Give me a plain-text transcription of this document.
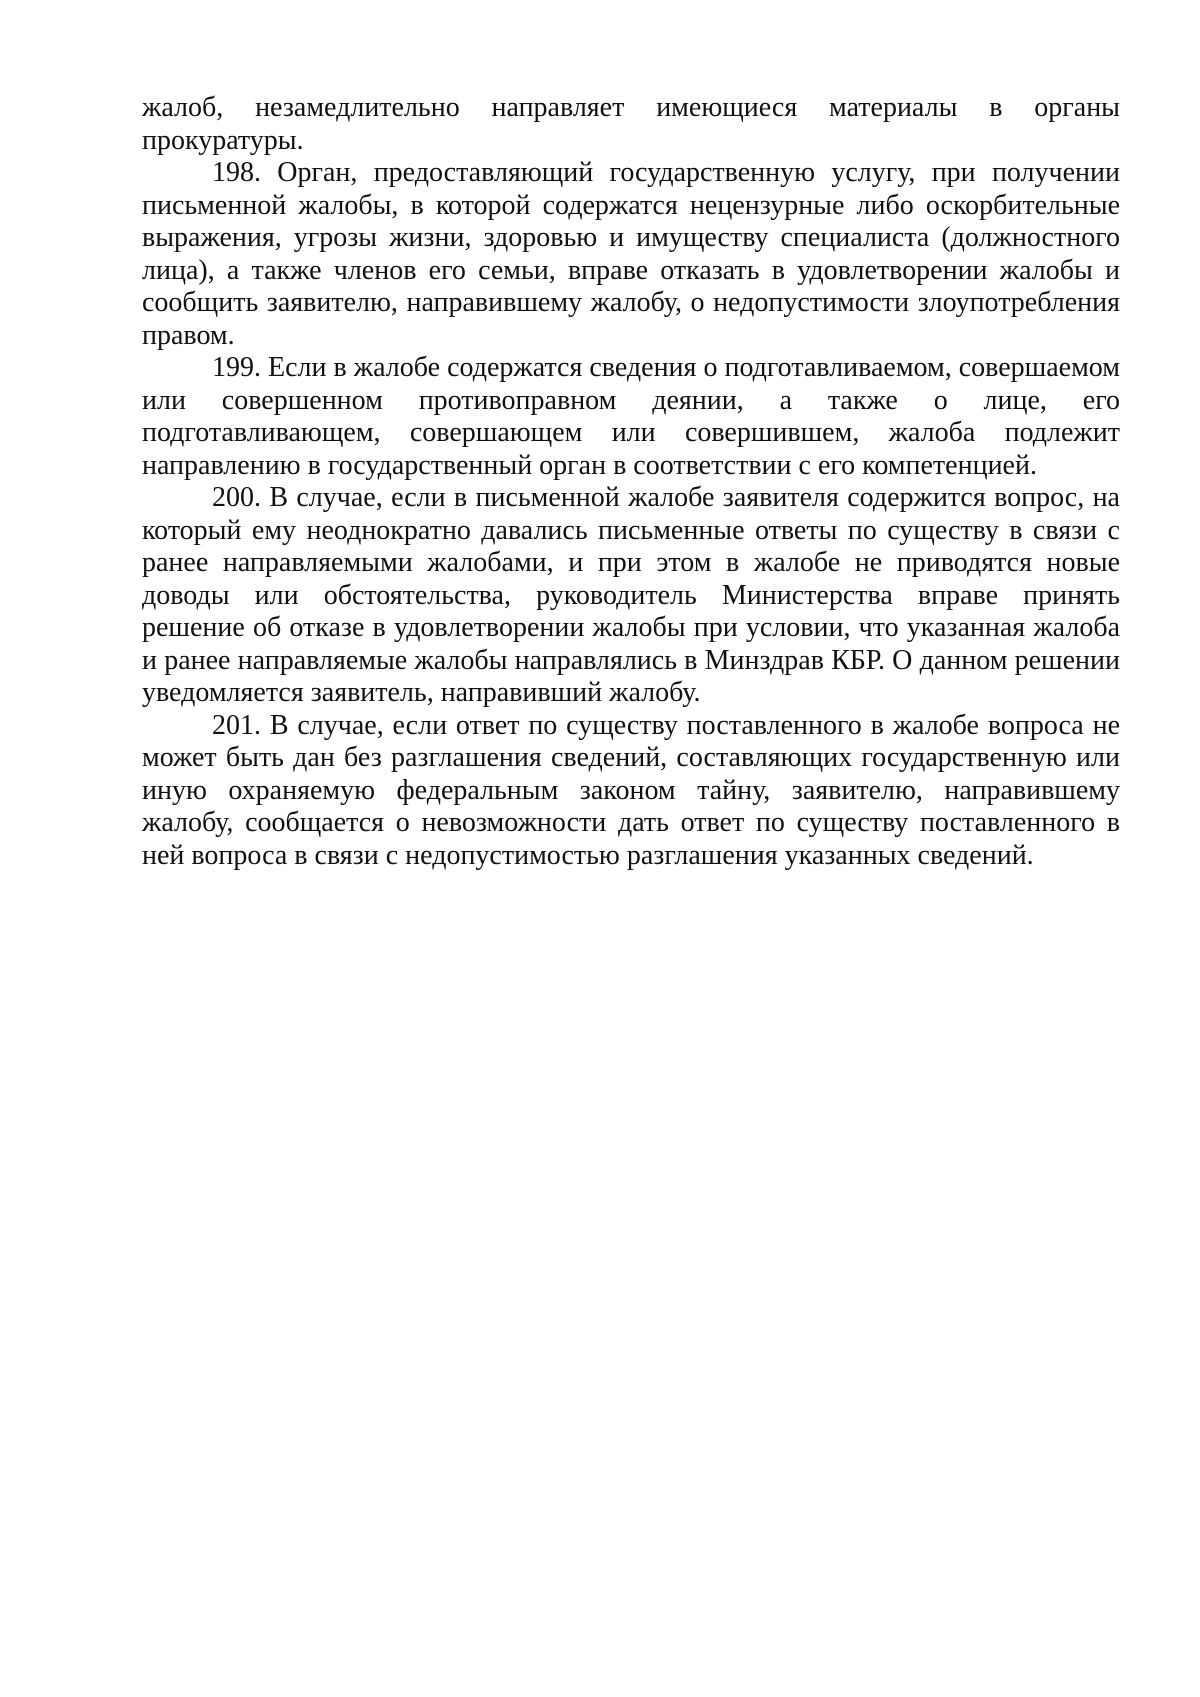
жалоб, незамедлительно направляет имеющиеся материалы в органы прокуратуры.

198. Орган, предоставляющий государственную услугу, при получении письменной жалобы, в которой содержатся нецензурные либо оскорбительные выражения, угрозы жизни, здоровью и имуществу специалиста (должностного лица), а также членов его семьи, вправе отказать в удовлетворении жалобы и сообщить заявителю, направившему жалобу, о недопустимости злоупотребления правом.

199. Если в жалобе содержатся сведения о подготавливаемом, совершаемом или совершенном противоправном деянии, а также о лице, его подготавливающем, совершающем или совершившем, жалоба подлежит направлению в государственный орган в соответствии с его компетенцией.

200. В случае, если в письменной жалобе заявителя содержится вопрос, на который ему неоднократно давались письменные ответы по существу в связи с ранее направляемыми жалобами, и при этом в жалобе не приводятся новые доводы или обстоятельства, руководитель Министерства вправе принять решение об отказе в удовлетворении жалобы при условии, что указанная жалоба и ранее направляемые жалобы направлялись в Минздрав КБР. О данном решении уведомляется заявитель, направивший жалобу.

201. В случае, если ответ по существу поставленного в жалобе вопроса не может быть дан без разглашения сведений, составляющих государственную или иную охраняемую федеральным законом тайну, заявителю, направившему жалобу, сообщается о невозможности дать ответ по существу поставленного в ней вопроса в связи с недопустимостью разглашения указанных сведений.
